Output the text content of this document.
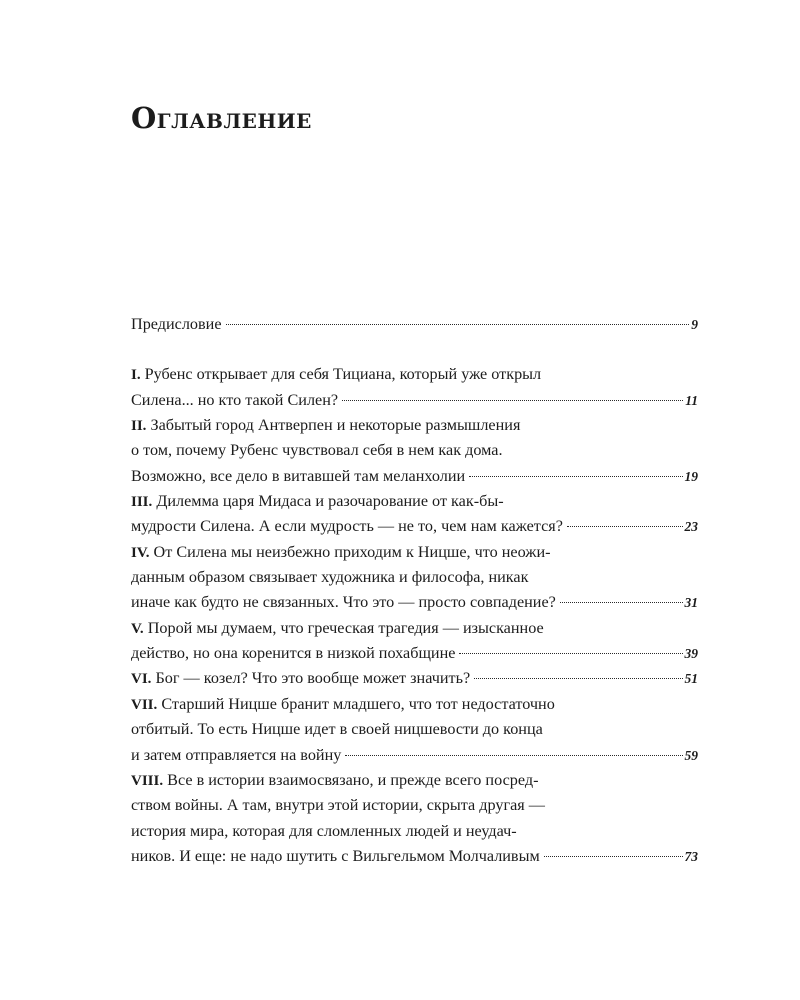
Оглавление
Предисловие	9
I. Рубенс открывает для себя Тициана, который уже открыл
Силена... но кто такой Силен?	11
II. Забытый город Антверпен и некоторые размышления
о том, почему Рубенс чувствовал себя в нем как дома.
Возможно, все дело в витавшей там меланхолии	19
III. Дилемма царя Мидаса и разочарование от как-бы-
мудрости Силена. А если мудрость — не то, чем нам кажется?	23
IV. От Силена мы неизбежно приходим к Ницше, что неожи-
данным образом связывает художника и философа, никак
иначе как будто не связанных. Что это — просто совпадение?	31
V. Порой мы думаем, что греческая трагедия — изысканное
действо, но она коренится в низкой похабщине	39
VI.
Бог — козел? Что это вообще может значить?	51
VII. Старший Ницше бранит младшего, что тот недостаточно
отбитый. То есть Ницше идет в своей ницшевости до конца
и затем отправляется на войну	59
VIII. Все в истории взаимосвязано, и прежде всего посред-
ством войны. А там, внутри этой истории, скрыта другая —
история мира, которая для сломленных людей и неудач-
ников. И еще: не надо шутить с Вильгельмом Молчаливым	73
